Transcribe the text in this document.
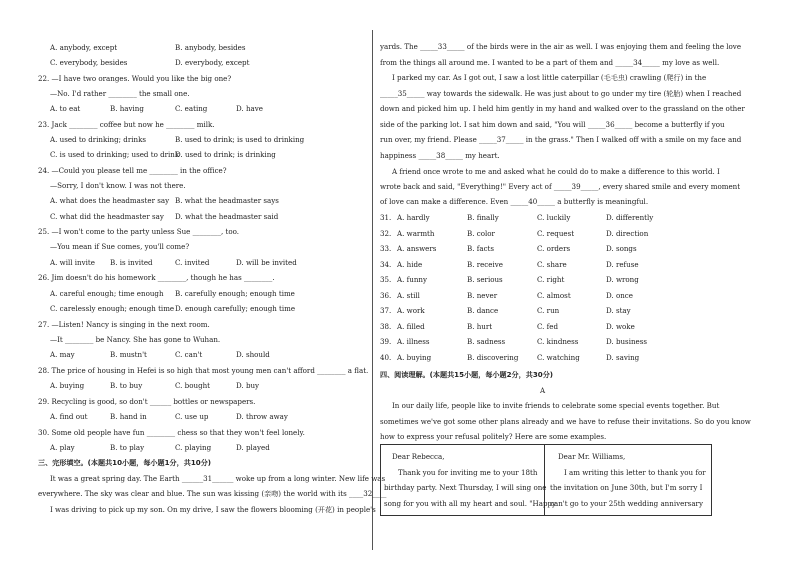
A. anybody, except	B. anybody, besides
C. everybody, besides	D. everybody, except
22. —I have two oranges. Would you like the big one?
—No. I'd rather ________ the small one.
A. to eat	B. having	C. eating	D. have
23. Jack ________ coffee but now he ________ milk.
A. used to drinking; drinks	B. used to drink; is used to drinking
C. is used to drinking; used to drink
D. used to drink; is drinking
24. —Could you please tell me ________ in the office?
—Sorry, I don't know. I was not there.
A. what does the headmaster say B. what the headmaster says
C. what did the headmaster say D. what the headmaster said
25. —I won't come to the party unless Sue ________, too.
—You mean if Sue comes, you'll come?
A. will invite B. is invited	C. invited	D. will be invited
26. Jim doesn't do his homework ________, though he has ________.
A. careful enough; time enough B. carefully enough; enough time
C. carelessly enough; enough time D. enough carefully; enough time
27. —Listen! Nancy is singing in the next room.
—It ________ be Nancy. She has gone to Wuhan.
A. may	B. mustn't	C. can't	D. should
28. The price of housing in Hefei is so high that most young men can't afford ________ a flat.
A. buying	B. to buy	C. bought	D. buy
29. Recycling is good, so don't ______ bottles or newspapers.
A. find out	B. hand in	C. use up	D. throw away
30. Some old people have fun ________ chess so that they won't feel lonely.
A. play	B. to play	C. playing	D. played
It was a great spring day. The Earth ______31______ woke up from a long winter. New life was
everywhere. The sky was clear and blue. The sun was kissing (亲吻) the world with its ____32____
I was driving to pick up my son. On my drive, I saw the flowers blooming (开花) in people's
三、完形填空。(本题共10小题，每小题1分，共10分)
yards. The _____33_____ of the birds were in the air as well. I was enjoying them and feeling the love
from the things all around me. I wanted to be a part of them and _____34_____ my love as well.
I parked my car. As I got out, I saw a lost little caterpillar (毛毛虫) crawling (爬行) in the
_____35_____ way towards the sidewalk. He was just about to go under my tire (轮胎) when I reached
down and picked him up. I held him gently in my hand and walked over to the grassland on the other
side of the parking lot. I sat him down and said, "You will _____36_____ become a butterfly if you
run over, my friend. Please _____37_____ in the grass." Then I walked off with a smile on my face and
happiness _____38_____ my heart.
A friend once wrote to me and asked what he could do to make a difference to this world. I
wrote back and said, "Everything!" Every act of _____39_____, every shared smile and every moment
of love can make a difference. Even _____40_____ a butterfly is meaningful.
31. A. hardly	B. finally	C. luckily	D. differently
32. A. warmth	B. color	C. request	D. direction
33. A. answers	B. facts	C. orders	D. songs
34. A. hide	B. receive	C. share	D. refuse
35. A. funny	B. serious	C. right	D. wrong
36. A. still	B. never	C. almost	D. once
37. A. work	B. dance	C. run	D. stay
38. A. filled	B. hurt	C. fed	D. woke
39. A. illness	B. sadness	C. kindness	D. business
40. A. buying	B. discovering	C. watching	D. saving
四、阅读理解。(本题共15小题，每小题2分，共30分)
A
In our daily life, people like to invite friends to celebrate some special events together. But
sometimes we've got some other plans already and we have to refuse their invitations. So do you know
how to express your refusal politely? Here are some examples.
Dear Rebecca,
Thank you for inviting me to your 18th
birthday party. Next Thursday, I will sing one
song for you with all my heart and soul. "Happy
Dear Mr. Williams,
I am writing this letter to thank you for
the invitation on June 30th, but I'm sorry I
can't go to your 25th wedding anniversary
